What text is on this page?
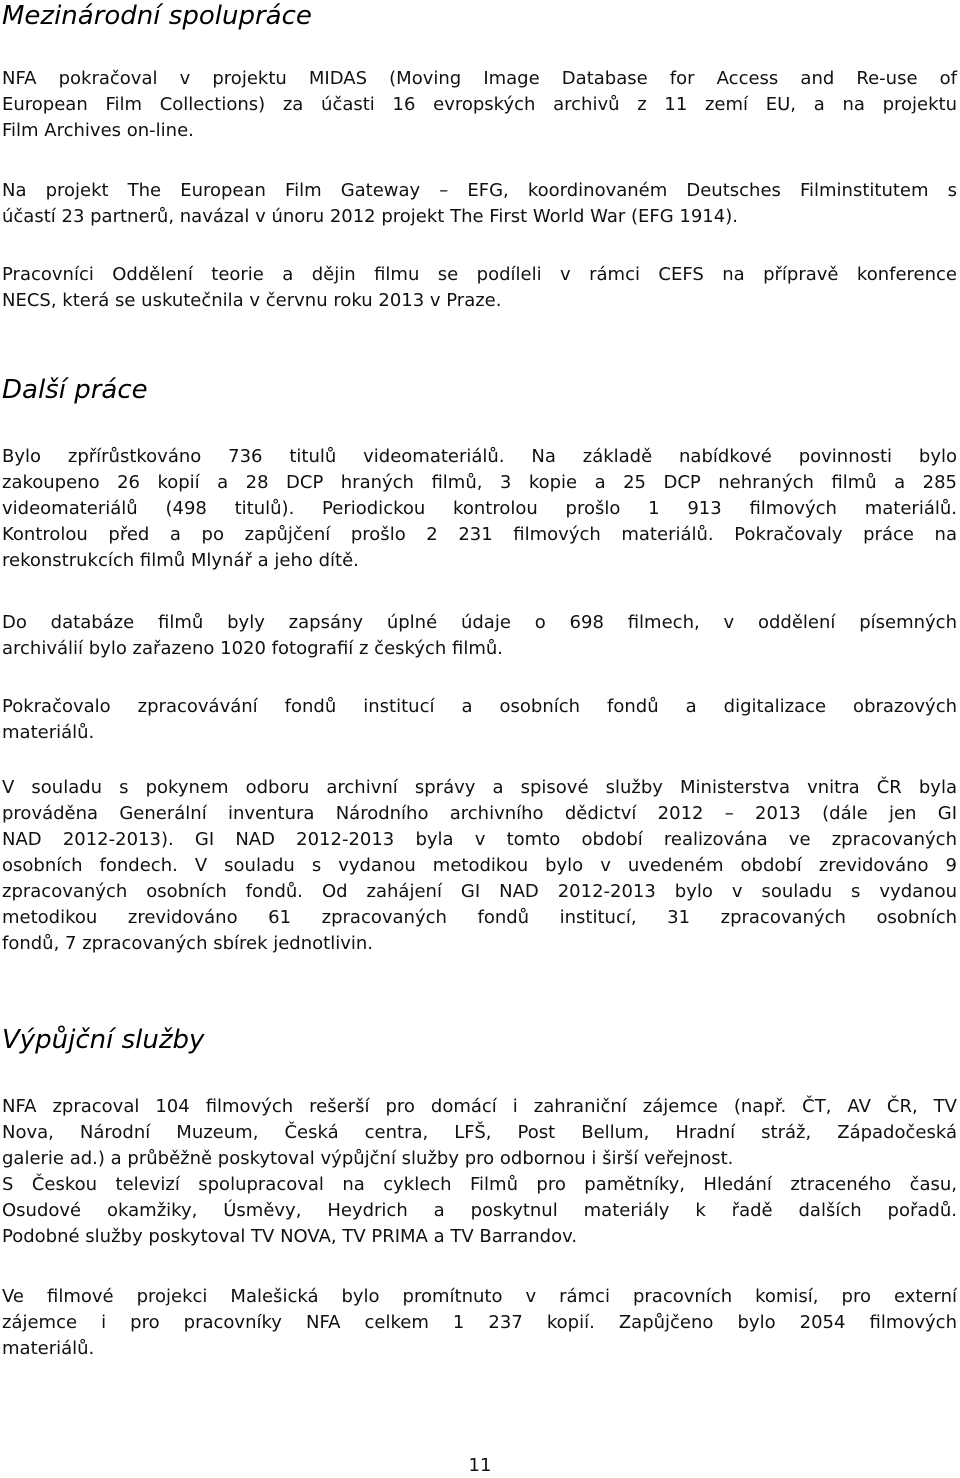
Mezinárodní spolupráce

NFA pokračoval v projektu MIDAS (Moving Image Database for Access and Re-use of
European Film Collections) za účasti 16 evropských archivů z 11 zemí EU, a na projektu
Film Archives on-line.

Na projekt The European Film Gateway – EFG, koordinovaném Deutsches Filminstitutem s
účastí 23 partnerů, navázal v únoru 2012 projekt The First World War (EFG 1914).

Pracovníci Oddělení teorie a dějin filmu se podíleli v rámci CEFS na přípravě konference
NECS, která se uskutečnila v červnu roku 2013 v Praze.

Další práce

Bylo zpřírůstkováno 736 titulů videomateriálů. Na základě nabídkové povinnosti bylo
zakoupeno 26 kopií a 28 DCP hraných filmů, 3 kopie a 25 DCP nehraných filmů a 285
videomateriálů (498 titulů). Periodickou kontrolou prošlo 1 913 filmových materiálů.
Kontrolou před a po zapůjčení prošlo 2 231 filmových materiálů. Pokračovaly práce na
rekonstrukcích filmů Mlynář a jeho dítě.

Do databáze filmů byly zapsány úplné údaje o 698 filmech, v oddělení písemných
archiválií bylo zařazeno 1020 fotografií z českých filmů.

Pokračovalo zpracovávání fondů institucí a osobních fondů a digitalizace obrazových
materiálů.

V souladu s pokynem odboru archivní správy a spisové služby Ministerstva vnitra ČR byla
prováděna Generální inventura Národního archivního dědictví 2012 – 2013 (dále jen GI
NAD 2012-2013). GI NAD 2012-2013 byla v tomto období realizována ve zpracovaných
osobních fondech. V souladu s vydanou metodikou bylo v uvedeném období zrevidováno 9
zpracovaných osobních fondů. Od zahájení GI NAD 2012-2013 bylo v souladu s vydanou
metodikou zrevidováno 61 zpracovaných fondů institucí, 31 zpracovaných osobních
fondů, 7 zpracovaných sbírek jednotlivin.

Výpůjční služby

NFA zpracoval 104 filmových rešerší pro domácí i zahraniční zájemce (např. ČT, AV ČR, TV
Nova, Národní Muzeum, Česká centra, LFŠ, Post Bellum, Hradní stráž, Západočeská
galerie ad.) a průběžně poskytoval výpůjční služby pro odbornou i širší veřejnost.
S Českou televizí spolupracoval na cyklech Filmů pro pamětníky, Hledání ztraceného času,
Osudové okamžiky, Úsměvy, Heydrich a poskytnul materiály k řadě dalších pořadů.
Podobné služby poskytoval TV NOVA, TV PRIMA a TV Barrandov.

Ve filmové projekci Malešická bylo promítnuto v rámci pracovních komisí, pro externí
zájemce i pro pracovníky NFA celkem 1 237 kopií. Zapůjčeno bylo 2054 filmových
materiálů.

11
